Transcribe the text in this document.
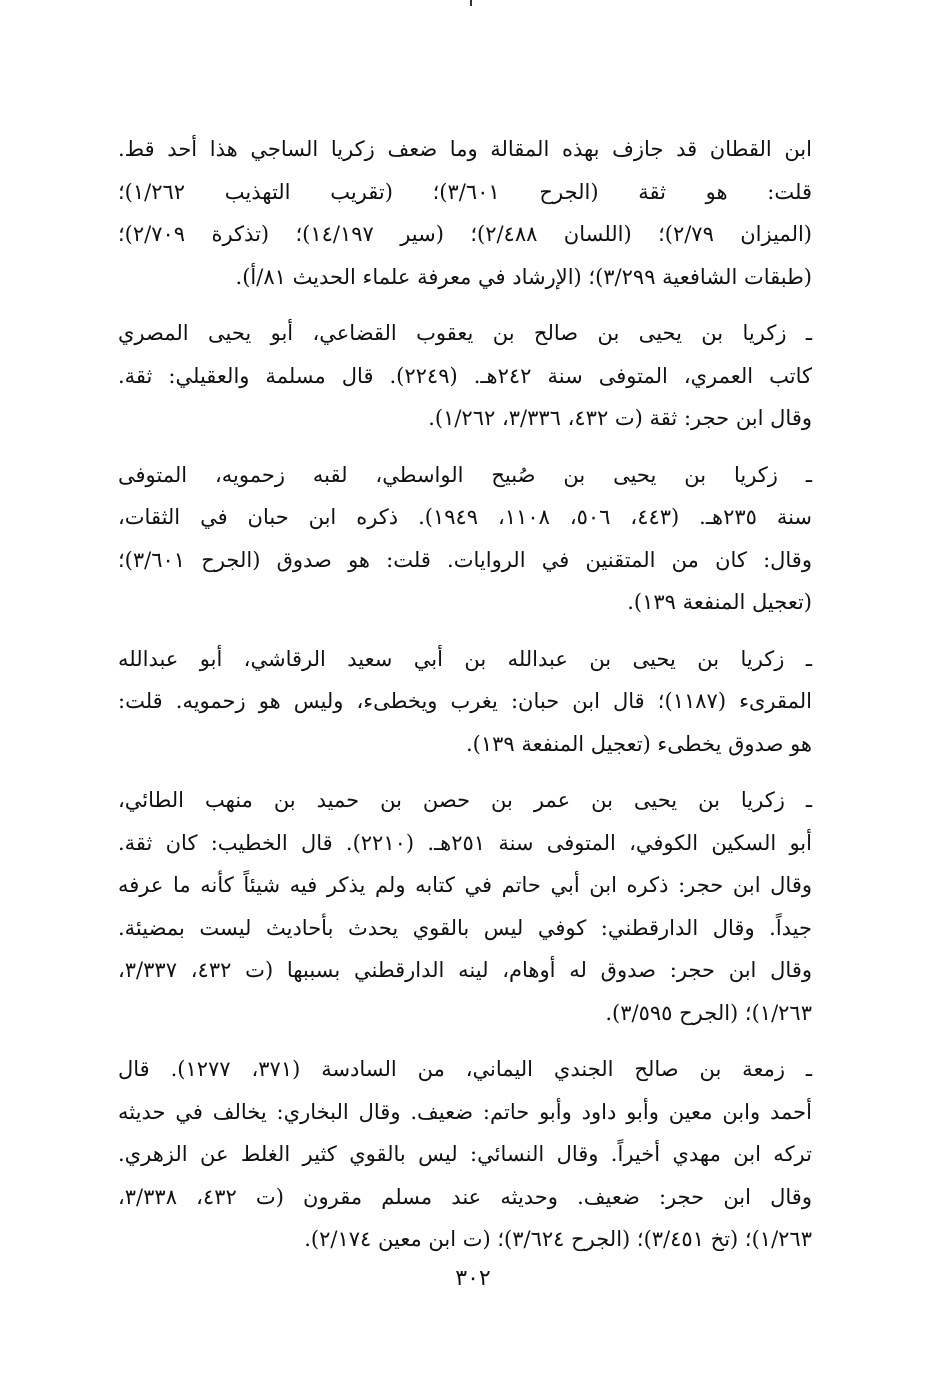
ابن القطان قد جازف بهذه المقالة وما ضعف زكريا الساجي هذا أحد قط.
قلت: هو ثقة (الجرح ٣/٦٠١)؛ (تقريب التهذيب ١/٢٦٢)؛
(الميزان ٢/٧٩)؛ (اللسان ٢/٤٨٨)؛ (سير ١٤/١٩٧)؛ (تذكرة ٢/٧٠٩)؛
(طبقات الشافعية ٣/٢٩٩)؛ (الإرشاد في معرفة علماء الحديث ٨١/أ).

ـ زكريا بن يحيى بن صالح بن يعقوب القضاعي، أبو يحيى المصري
كاتب العمري، المتوفى سنة ٢٤٢هـ. (٢٢٤٩). قال مسلمة والعقيلي: ثقة.
وقال ابن حجر: ثقة (ت ٤٣٢، ٣/٣٣٦، ١/٢٦٢).

ـ زكريا بن يحيى بن صُبيح الواسطي، لقبه زحمويه، المتوفى
سنة ٢٣٥هـ. (٤٤٣، ٥٠٦، ١١٠٨، ١٩٤٩). ذكره ابن حبان في الثقات،
وقال: كان من المتقنين في الروايات. قلت: هو صدوق (الجرح ٣/٦٠١)؛
(تعجيل المنفعة ١٣٩).

ـ زكريا بن يحيى بن عبدالله بن أبي سعيد الرقاشي، أبو عبدالله
المقرىء (١١٨٧)؛ قال ابن حبان: يغرب ويخطىء، وليس هو زحمويه. قلت:
هو صدوق يخطىء (تعجيل المنفعة ١٣٩).

ـ زكريا بن يحيى بن عمر بن حصن بن حميد بن منهب الطائي،
أبو السكين الكوفي، المتوفى سنة ٢٥١هـ. (٢٢١٠). قال الخطيب: كان ثقة.
وقال ابن حجر: ذكره ابن أبي حاتم في كتابه ولم يذكر فيه شيئاً كأنه ما عرفه
جيداً. وقال الدارقطني: كوفي ليس بالقوي يحدث بأحاديث ليست بمضيئة.
وقال ابن حجر: صدوق له أوهام، لينه الدارقطني بسببها (ت ٤٣٢، ٣/٣٣٧،
١/٢٦٣)؛ (الجرح ٣/٥٩٥).

ـ زمعة بن صالح الجندي اليماني، من السادسة (٣٧١، ١٢٧٧). قال
أحمد وابن معين وأبو داود وأبو حاتم: ضعيف. وقال البخاري: يخالف في حديثه
تركه ابن مهدي أخيراً. وقال النسائي: ليس بالقوي كثير الغلط عن الزهري.
وقال ابن حجر: ضعيف. وحديثه عند مسلم مقرون (ت ٤٣٢، ٣/٣٣٨،
١/٢٦٣)؛ (تخ ٣/٤٥١)؛ (الجرح ٣/٦٢٤)؛ (ت ابن معين ٢/١٧٤).

٣٠٢
